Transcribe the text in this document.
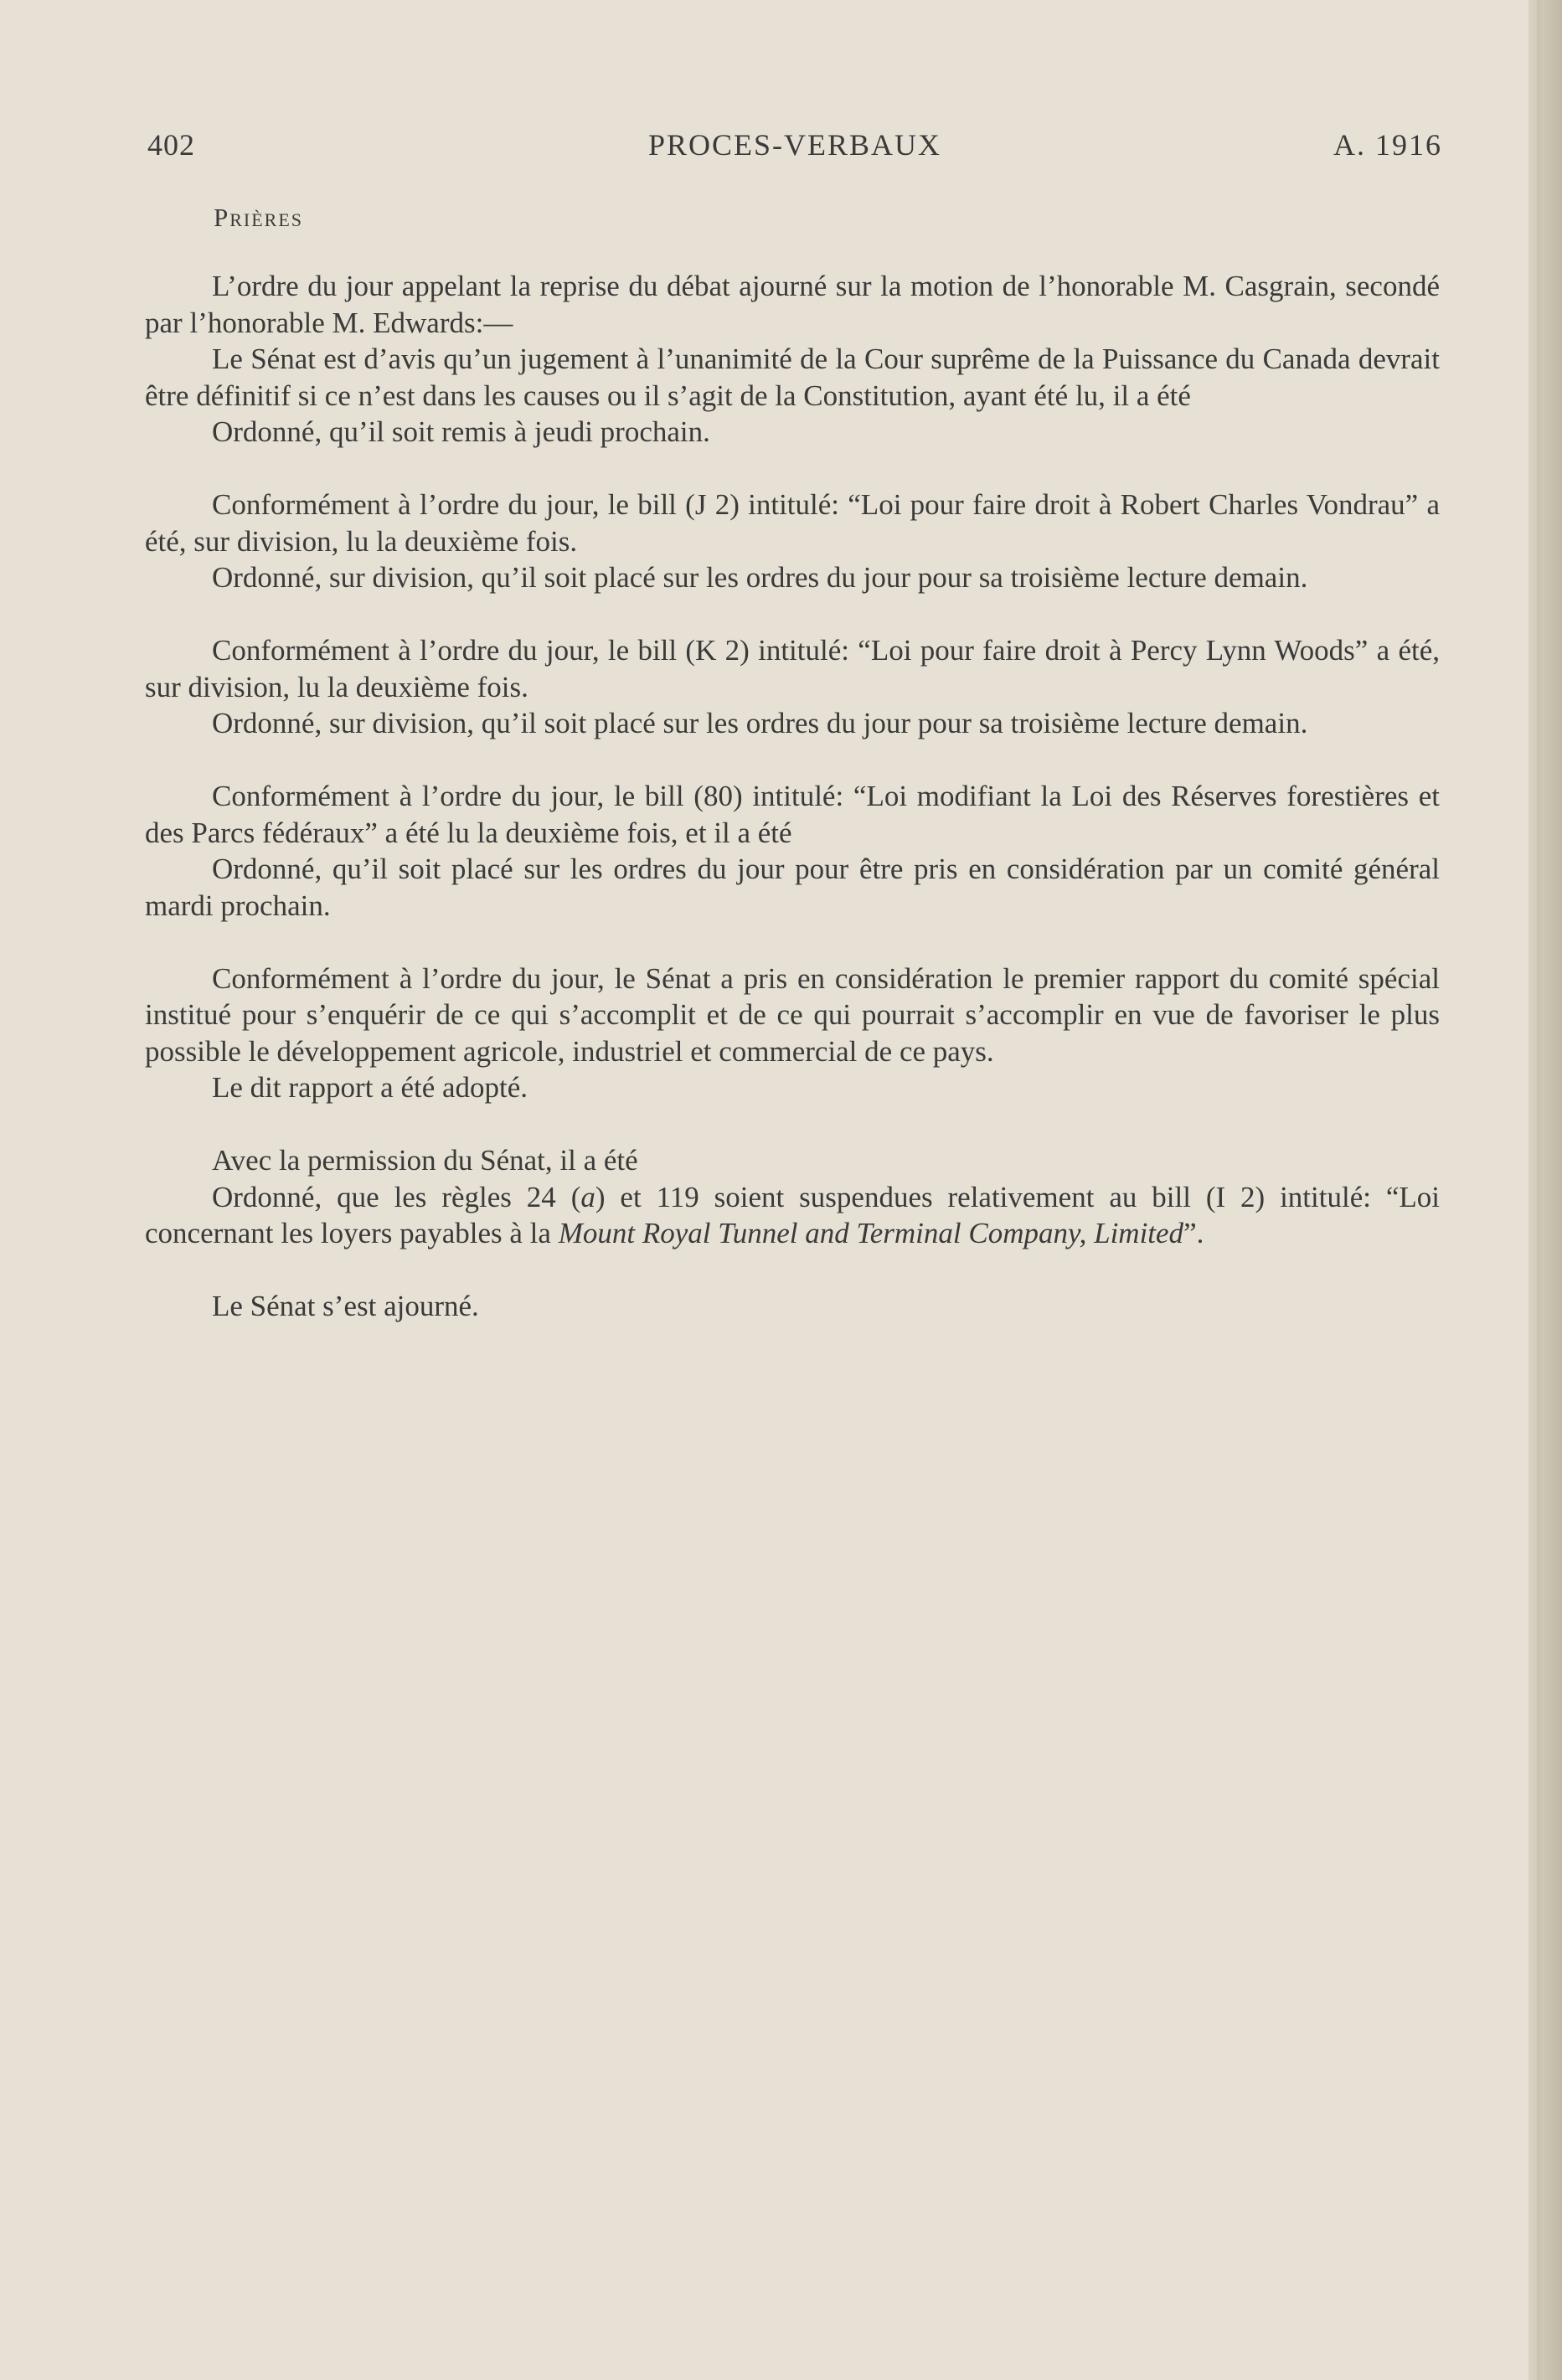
402	PROCES-VERBAUX	A. 1916
Prières

L’ordre du jour appelant la reprise du débat ajourné sur la motion de l’honorable M. Casgrain, secondé par l’honorable M. Edwards:—

Le Sénat est d’avis qu’un jugement à l’unanimité de la Cour suprême de la Puissance du Canada devrait être définitif si ce n’est dans les causes ou il s’agit de la Constitution, ayant été lu, il a été

Ordonné, qu’il soit remis à jeudi prochain.

Conformément à l’ordre du jour, le bill (J 2) intitulé: “Loi pour faire droit à Robert Charles Vondrau” a été, sur division, lu la deuxième fois.

Ordonné, sur division, qu’il soit placé sur les ordres du jour pour sa troisième lecture demain.

Conformément à l’ordre du jour, le bill (K 2) intitulé: “Loi pour faire droit à Percy Lynn Woods” a été, sur division, lu la deuxième fois.

Ordonné, sur division, qu’il soit placé sur les ordres du jour pour sa troisième lecture demain.

Conformément à l’ordre du jour, le bill (80) intitulé: “Loi modifiant la Loi des Réserves forestières et des Parcs fédéraux” a été lu la deuxième fois, et il a été

Ordonné, qu’il soit placé sur les ordres du jour pour être pris en considération par un comité général mardi prochain.

Conformément à l’ordre du jour, le Sénat a pris en considération le premier rapport du comité spécial institué pour s’enquérir de ce qui s’accomplit et de ce qui pourrait s’accomplir en vue de favoriser le plus possible le développement agricole, industriel et commercial de ce pays.

Le dit rapport a été adopté.

Avec la permission du Sénat, il a été

Ordonné, que les règles 24 (a) et 119 soient suspendues relativement au bill (I 2) intitulé: “Loi concernant les loyers payables à la Mount Royal Tunnel and Terminal Company, Limited”.

Le Sénat s’est ajourné.
